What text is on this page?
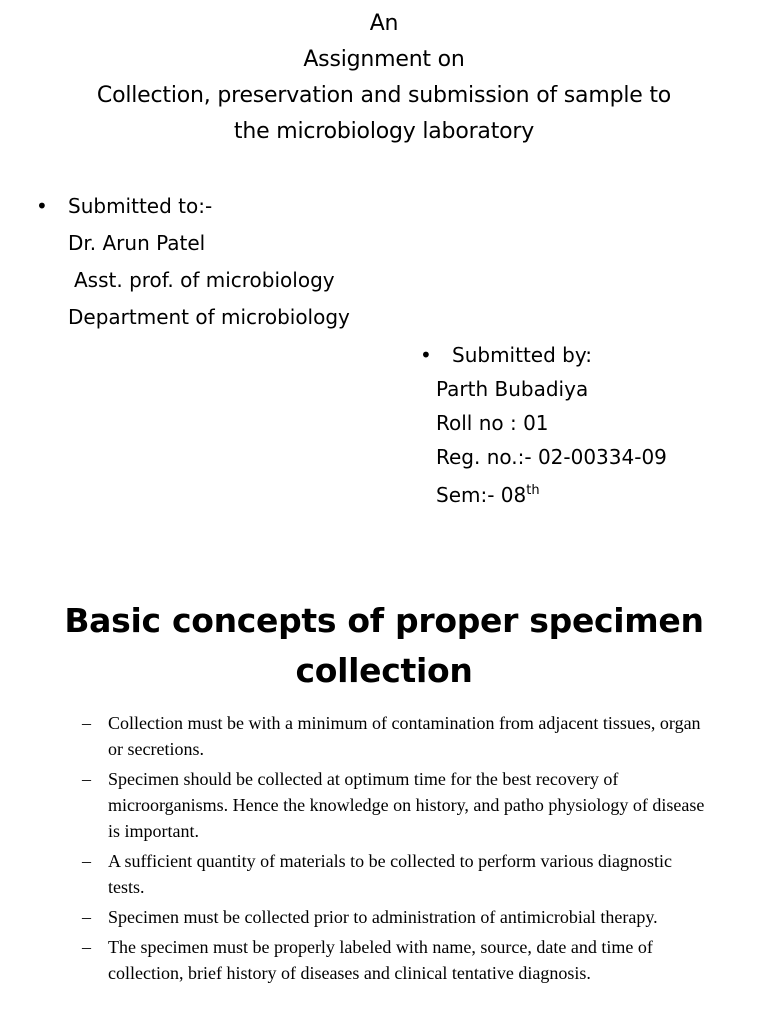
An
Assignment on
Collection, preservation and submission of sample to
the microbiology laboratory
• Submitted to:-
Dr. Arun Patel
Asst. prof. of microbiology
Department of microbiology
• Submitted by:
Parth Bubadiya
Roll no : 01
Reg. no.:- 02-00334-09
Sem:- 08th
Basic concepts of proper specimen
collection
– Collection must be with a minimum of contamination from adjacent tissues, organ or secretions.
– Specimen should be collected at optimum time for the best recovery of microorganisms. Hence the knowledge on history, and patho physiology of disease is important.
– A sufficient quantity of materials to be collected to perform various diagnostic tests.
– Specimen must be collected prior to administration of antimicrobial therapy.
– The specimen must be properly labeled with name, source, date and time of collection, brief history of diseases and clinical tentative diagnosis.
